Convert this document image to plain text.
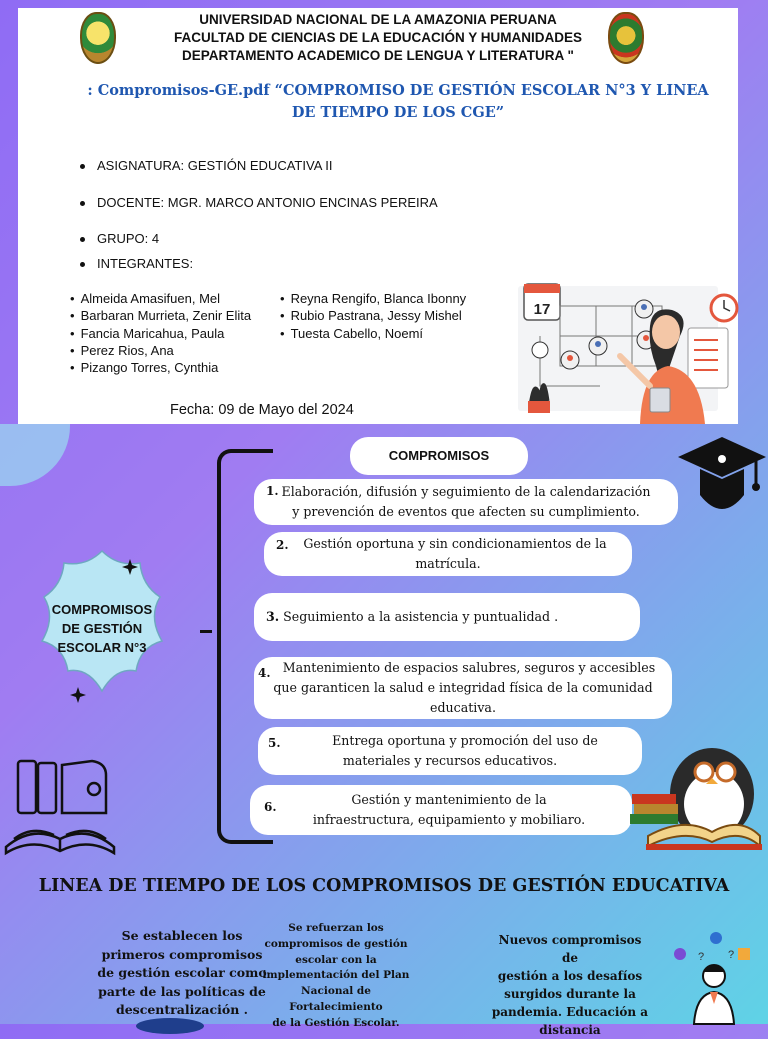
UNIVERSIDAD NACIONAL DE LA AMAZONIA PERUANA
FACULTAD DE CIENCIAS DE LA EDUCACIÓN Y HUMANIDADES
DEPARTAMENTO ACADEMICO DE LENGUA Y LITERATURA "
: Compromisos-GE.pdf “COMPROMISO DE GESTIÓN ESCOLAR N°3 Y LINEA
DE TIEMPO DE LOS CGE”
ASIGNATURA: GESTIÓN EDUCATIVA II
DOCENTE: MGR. MARCO ANTONIO ENCINAS PEREIRA
GRUPO: 4
INTEGRANTES:
• Almeida Amasifuen, Mel
• Barbaran Murrieta, Zenir Elita
• Fancia Maricahua, Paula
• Perez Rios, Ana
• Pizango Torres, Cynthia
• Reyna Rengifo, Blanca Ibonny
• Rubio Pastrana, Jessy Mishel
• Tuesta Cabello, Noemí
Fecha: 09 de Mayo del 2024
17
COMPROMISOS
DE GESTIÓN
ESCOLAR N°3
COMPROMISOS
1. Elaboración, difusión y seguimiento de la calendarización
y prevención de eventos que afecten su cumplimiento.
2.	Gestión oportuna y sin condicionamientos de la
matrícula.
3. Seguimiento a la asistencia y puntualidad .
4. Mantenimiento de espacios salubres, seguros y accesibles
que garanticen la salud e integridad física de la comunidad
educativa.
5.	Entrega oportuna y promoción del uso de
materiales y recursos educativos.
6.	Gestión y mantenimiento de la
infraestructura, equipamiento y mobiliaro.
LINEA DE TIEMPO DE LOS COMPROMISOS DE GESTIÓN EDUCATIVA
Se establecen los
primeros compromisos
de gestión escolar como
parte de las políticas de
descentralización .
Se refuerzan los
compromisos de gestión
escolar con la
implementación del Plan
Nacional de Fortalecimiento
de la Gestión Escolar.
Nuevos compromisos de
gestión a los desafíos
surgidos durante la
pandemia. Educación a
distancia
? ?
